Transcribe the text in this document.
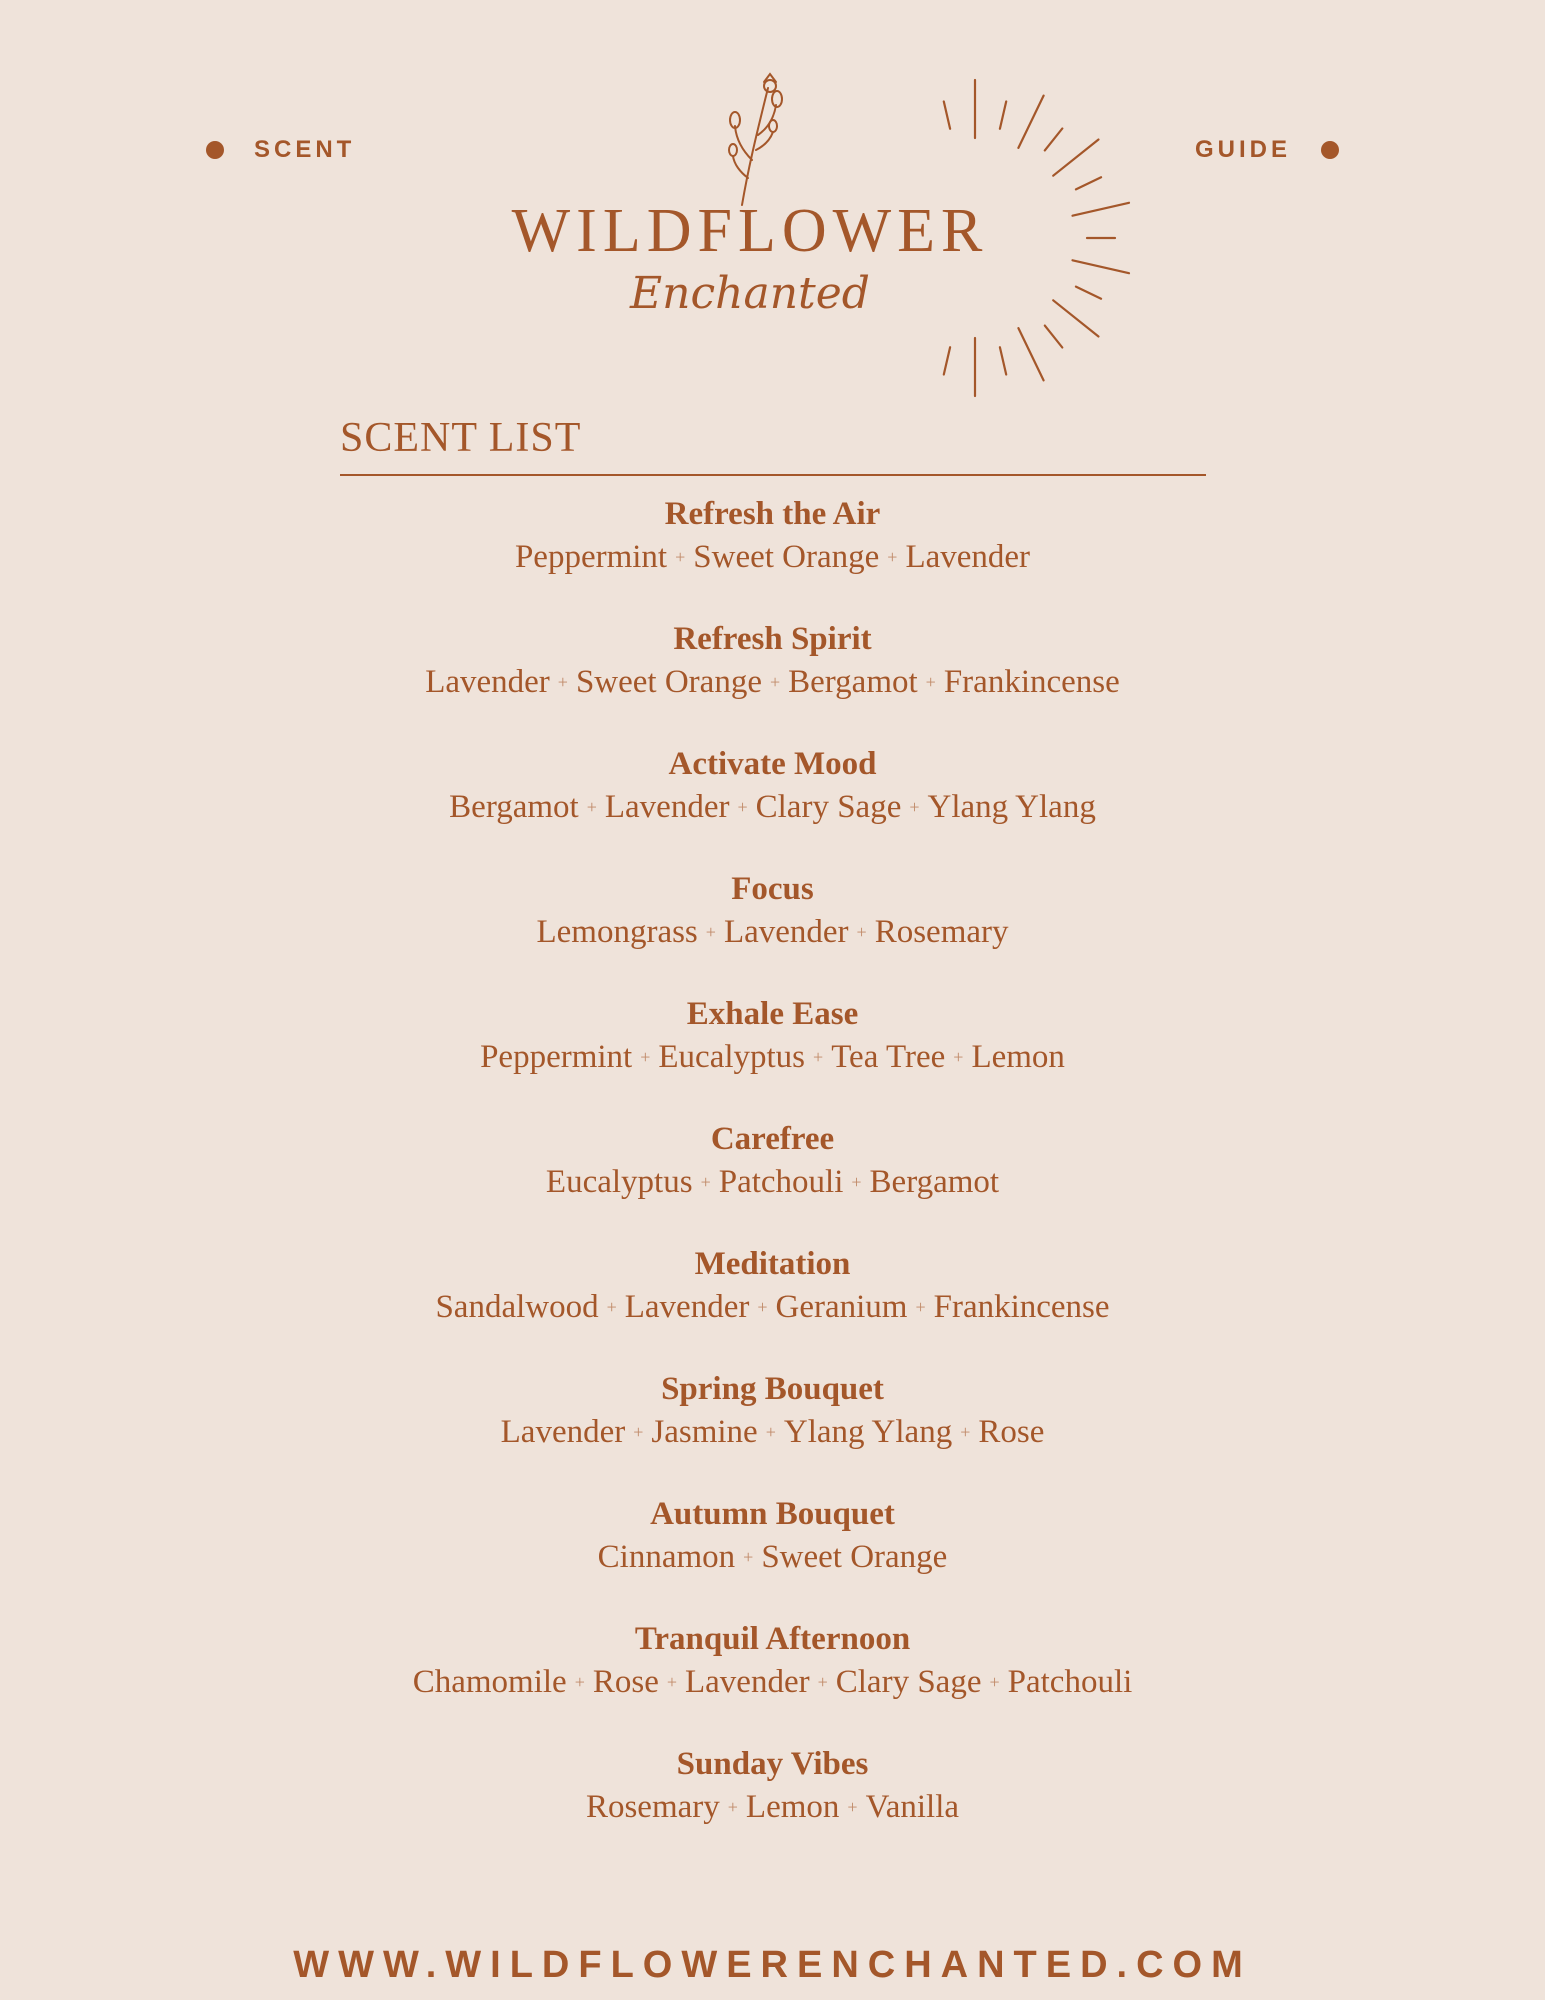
SCENT	GUIDE
WILDFLOWER
Enchanted
SCENT LIST
Refresh the Air
Peppermint + Sweet Orange + Lavender
Refresh Spirit
Lavender + Sweet Orange + Bergamot + Frankincense
Activate Mood
Bergamot + Lavender + Clary Sage + Ylang Ylang
Focus
Lemongrass + Lavender + Rosemary
Exhale Ease
Peppermint + Eucalyptus + Tea Tree + Lemon
Carefree
Eucalyptus + Patchouli + Bergamot
Meditation
Sandalwood + Lavender + Geranium + Frankincense
Spring Bouquet
Lavender + Jasmine + Ylang Ylang + Rose
Autumn Bouquet
Cinnamon + Sweet Orange
Tranquil Afternoon
Chamomile + Rose + Lavender + Clary Sage + Patchouli
Sunday Vibes
Rosemary + Lemon + Vanilla
WWW.WILDFLOWERENCHANTED.COM
